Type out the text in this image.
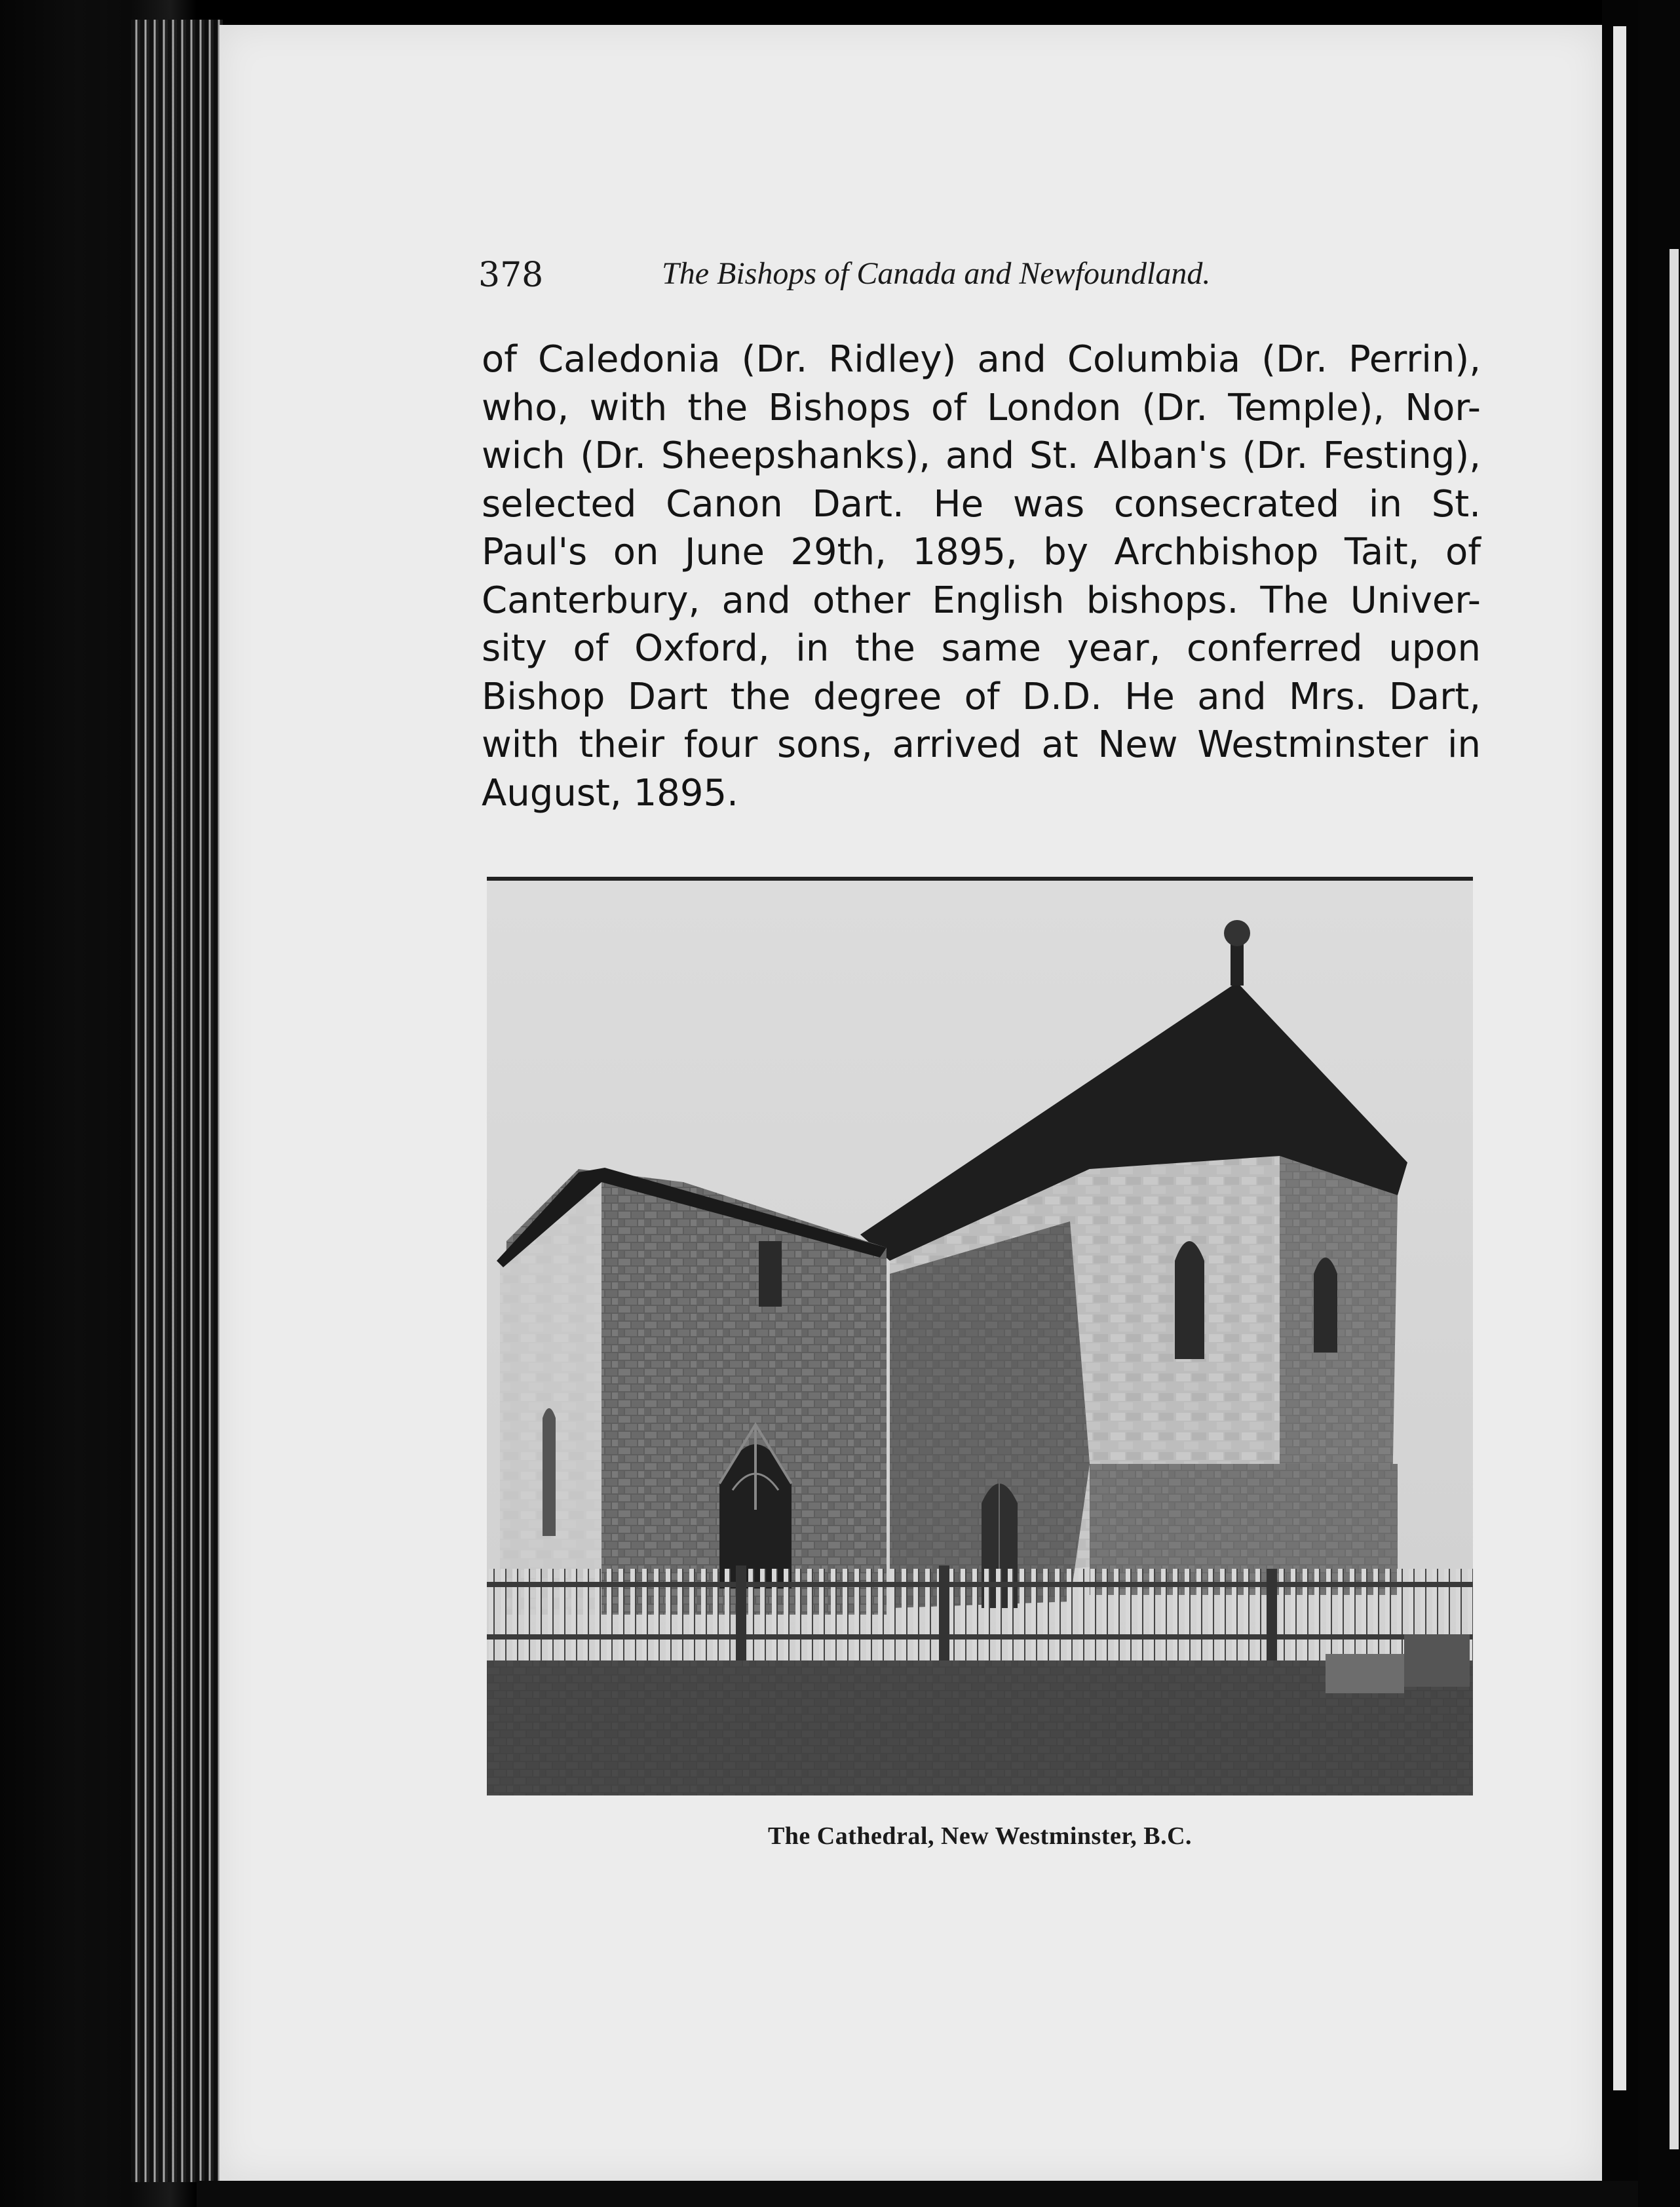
378	The Bishops of Canada and Newfoundland.
of Caledonia (Dr. Ridley) and Columbia (Dr. Perrin),
who, with the Bishops of London (Dr. Temple), Nor-
wich (Dr. Sheepshanks), and St. Alban's (Dr. Festing),
selected Canon Dart. He was consecrated in St.
Paul's on June 29th, 1895, by Archbishop Tait, of
Canterbury, and other English bishops. The Univer-
sity of Oxford, in the same year, conferred upon
Bishop Dart the degree of D.D. He and Mrs. Dart,
with their four sons, arrived at New Westminster in
August, 1895.
The Cathedral, New Westminster, B.C.
